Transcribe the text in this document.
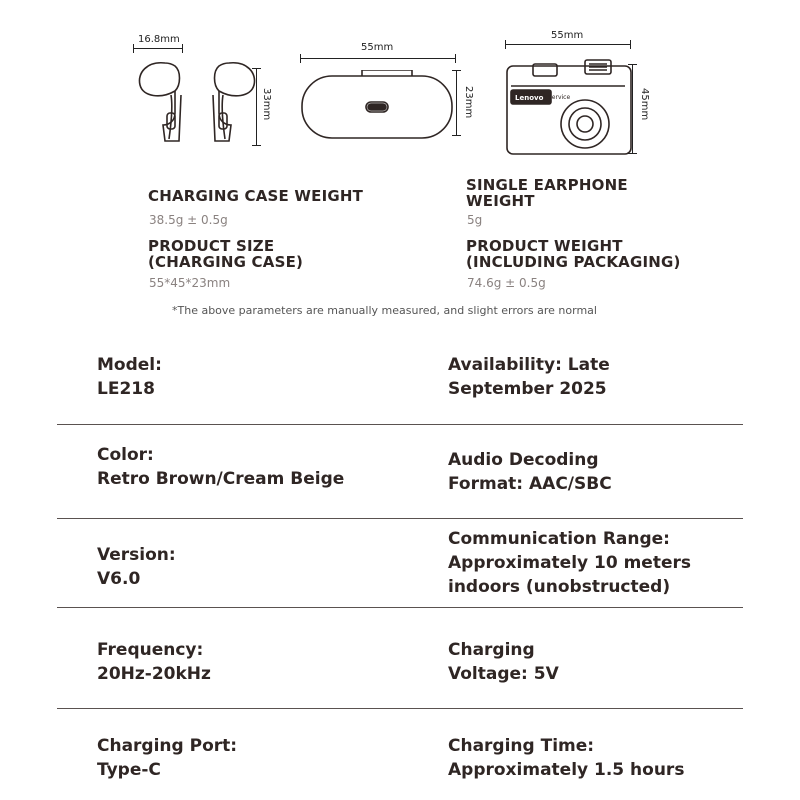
16.8mm
33mm
55mm
23mm
55mm
Lenovo Service	45mm
CHARGING CASE WEIGHT
38.5g ± 0.5g
SINGLE EARPHONE
WEIGHT
5g
PRODUCT SIZE
(CHARGING CASE)
55*45*23mm
PRODUCT WEIGHT
(INCLUDING PACKAGING)
74.6g ± 0.5g
*The above parameters are manually measured, and slight errors are normal
Model:
LE218
Availability: Late
September 2025
Color:
Retro Brown/Cream Beige
Audio Decoding
Format: AAC/SBC
Version:
V6.0
Communication Range:
Approximately 10 meters
indoors (unobstructed)
Frequency:
20Hz-20kHz
Charging
Voltage: 5V
Charging Port:
Type-C
Charging Time:
Approximately 1.5 hours
